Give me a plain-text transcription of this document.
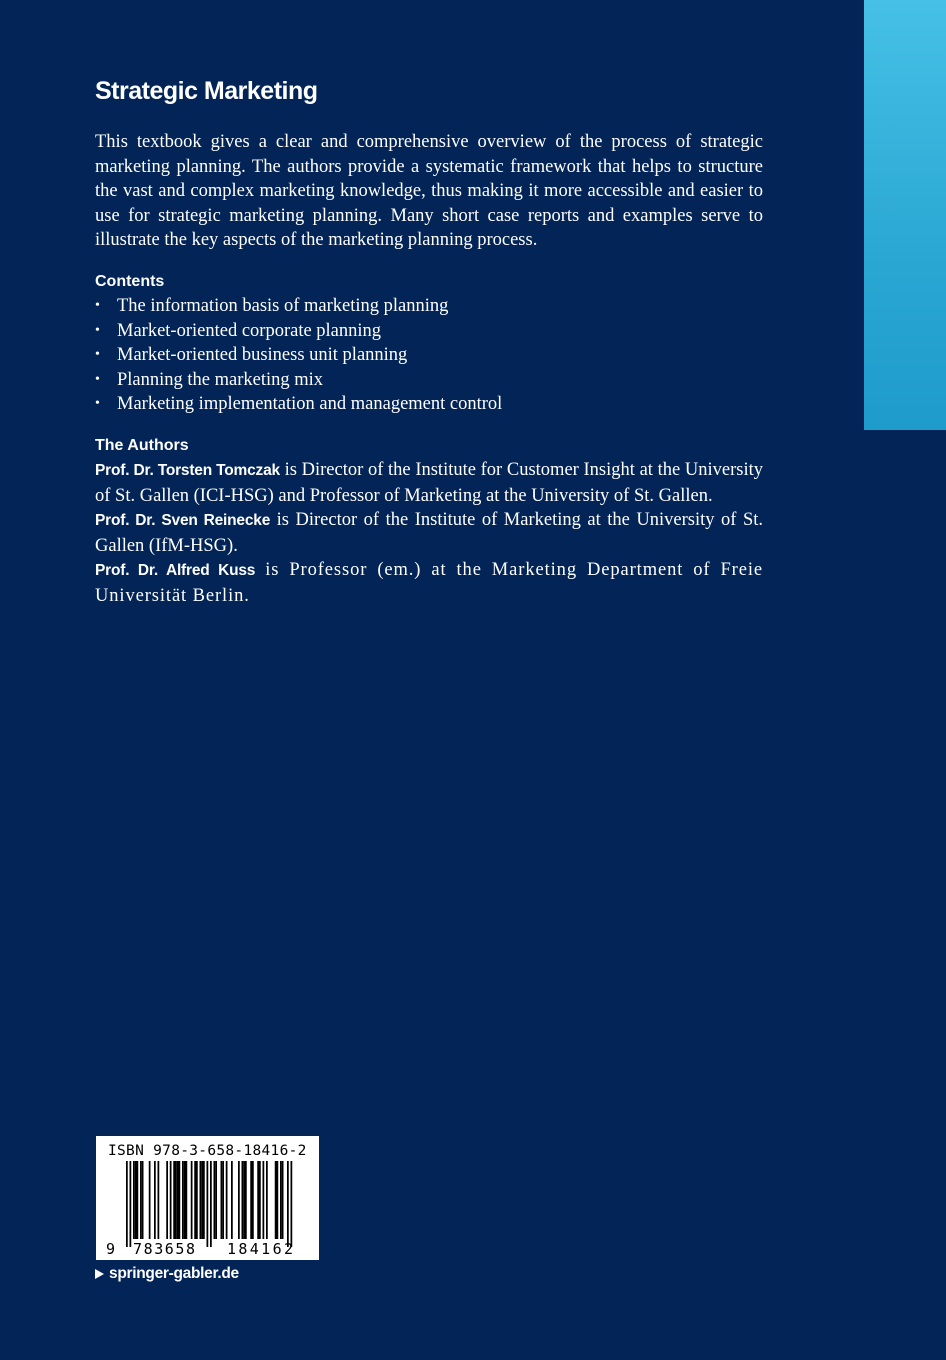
Strategic Marketing

This textbook gives a clear and comprehensive overview of the process of strategic marketing planning. The authors provide a systematic framework that helps to structure the vast and complex marketing knowledge, thus making it more accessible and easier to use for strategic marketing planning. Many short case reports and examples serve to illustrate the key aspects of the marketing planning process.

Contents
• The information basis of marketing planning
• Market-oriented corporate planning
• Market-oriented business unit planning
• Planning the marketing mix
• Marketing implementation and management control
The Authors

Prof. Dr. Torsten Tomczak is Director of the Institute for Customer Insight at the University of St. Gallen (ICI-HSG) and Professor of Marketing at the University of St. Gallen.

Prof. Dr. Sven Reinecke is Director of the Institute of Marketing at the University of St. Gallen (IfM-HSG).

Prof. Dr. Alfred Kuss is Professor (em.) at the Marketing Department of Freie Universität Berlin.

ISBN 978-3-658-18416-2
9 783658 184162
springer-gabler.de
